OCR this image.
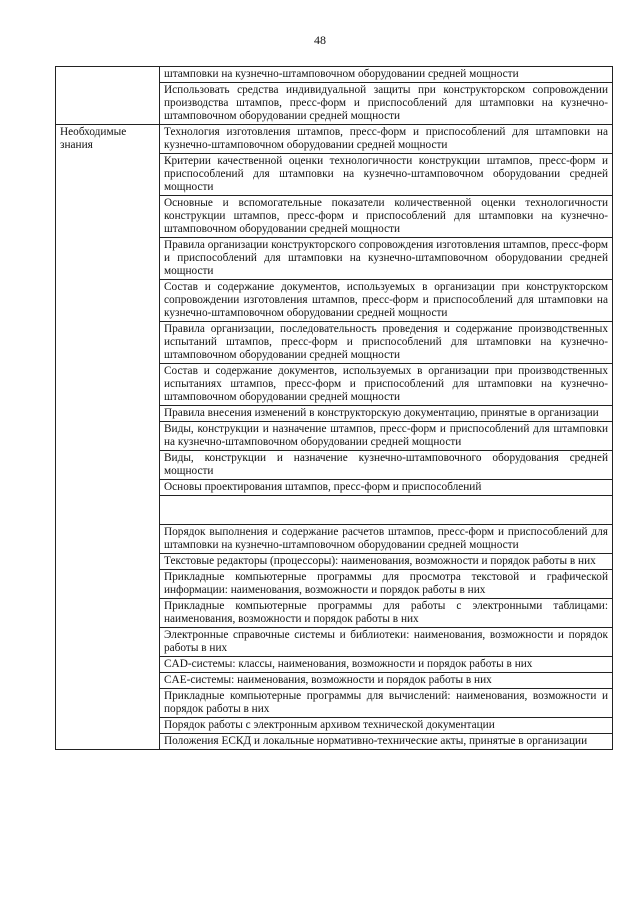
48
	штамповки на кузнечно-штамповочном оборудовании средней мощности
	Использовать средства индивидуальной защиты при конструкторском сопровождении производства штампов, пресс-форм и приспособлений для штамповки на кузнечно-штамповочном оборудовании средней мощности
Необходимые знания	Технология изготовления штампов, пресс-форм и приспособлений для штамповки на кузнечно-штамповочном оборудовании средней мощности
	Критерии качественной оценки технологичности конструкции штампов, пресс-форм и приспособлений для штамповки на кузнечно-штамповочном оборудовании средней мощности
	Основные и вспомогательные показатели количественной оценки технологичности конструкции штампов, пресс-форм и приспособлений для штамповки на кузнечно-штамповочном оборудовании средней мощности
	Правила организации конструкторского сопровождения изготовления штампов, пресс-форм и приспособлений для штамповки на кузнечно-штамповочном оборудовании средней мощности
	Состав и содержание документов, используемых в организации при конструкторском сопровождении изготовления штампов, пресс-форм и приспособлений для штамповки на кузнечно-штамповочном оборудовании средней мощности
	Правила организации, последовательность проведения и содержание производственных испытаний штампов, пресс-форм и приспособлений для штамповки на кузнечно-штамповочном оборудовании средней мощности
	Состав и содержание документов, используемых в организации при производственных испытаниях штампов, пресс-форм и приспособлений для штамповки на кузнечно-штамповочном оборудовании средней мощности
	Правила внесения изменений в конструкторскую документацию, принятые в организации
	Виды, конструкции и назначение штампов, пресс-форм и приспособлений для штамповки на кузнечно-штамповочном оборудовании средней мощности
	Виды, конструкции и назначение кузнечно-штамповочного оборудования средней мощности
	Основы проектирования штампов, пресс-форм и приспособлений

	Порядок выполнения и содержание расчетов штампов, пресс-форм и приспособлений для штамповки на кузнечно-штамповочном оборудовании средней мощности
	Текстовые редакторы (процессоры): наименования, возможности и порядок работы в них
	Прикладные компьютерные программы для просмотра текстовой и графической информации: наименования, возможности и порядок работы в них
	Прикладные компьютерные программы для работы с электронными таблицами: наименования, возможности и порядок работы в них
	Электронные справочные системы и библиотеки: наименования, возможности и порядок работы в них
	CAD-системы: классы, наименования, возможности и порядок работы в них
	CAE-системы: наименования, возможности и порядок работы в них
	Прикладные компьютерные программы для вычислений: наименования, возможности и порядок работы в них
	Порядок работы с электронным архивом технической документации
	Положения ЕСКД и локальные нормативно-технические акты, принятые в организации
